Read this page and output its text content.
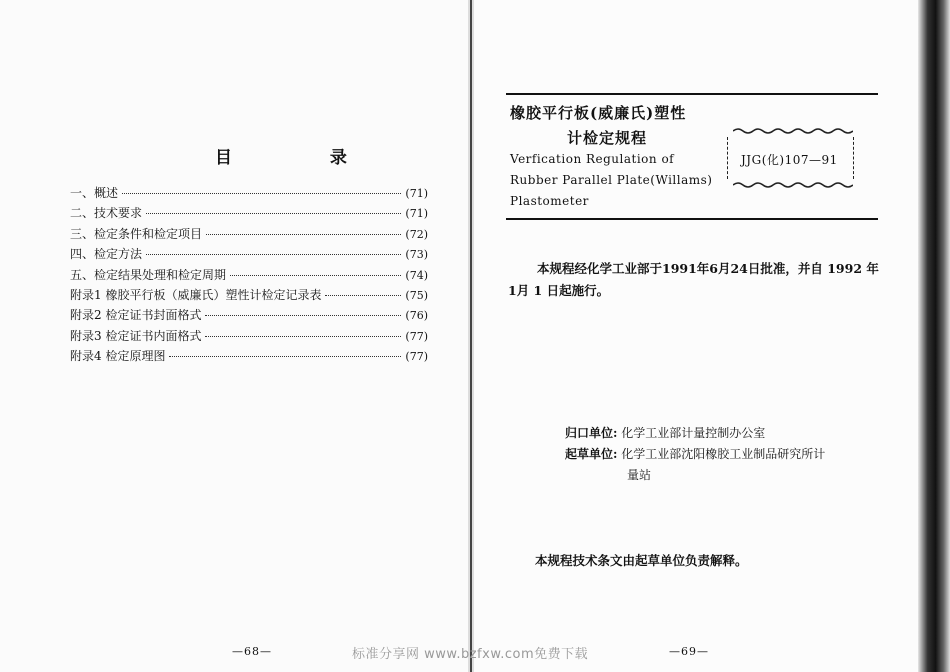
目 录
一、概述	(71)
二、技术要求	(71)
三、检定条件和检定项目	(72)
四、检定方法	(73)
五、检定结果处理和检定周期	(74)
附录1 橡胶平行板（威廉氏）塑性计检定记录表	(75)
附录2 检定证书封面格式	(76)
附录3 检定证书内面格式	(77)
附录4 检定原理图	(77)
—68—
橡胶平行板(威廉氏)塑性
计检定规程
Verfication Regulation of
Rubber Parallel Plate(Willams)
Plastometer
JJG(化)107—91
本规程经化学工业部于1991年6月24日批准，并自 1992 年
1月 1 日起施行。
归口单位: 化学工业部计量控制办公室
起草单位: 化学工业部沈阳橡胶工业制品研究所计
量站
本规程技术条文由起草单位负责解释。
—69—
标准分享网 www.bzfxw.com免费下载
